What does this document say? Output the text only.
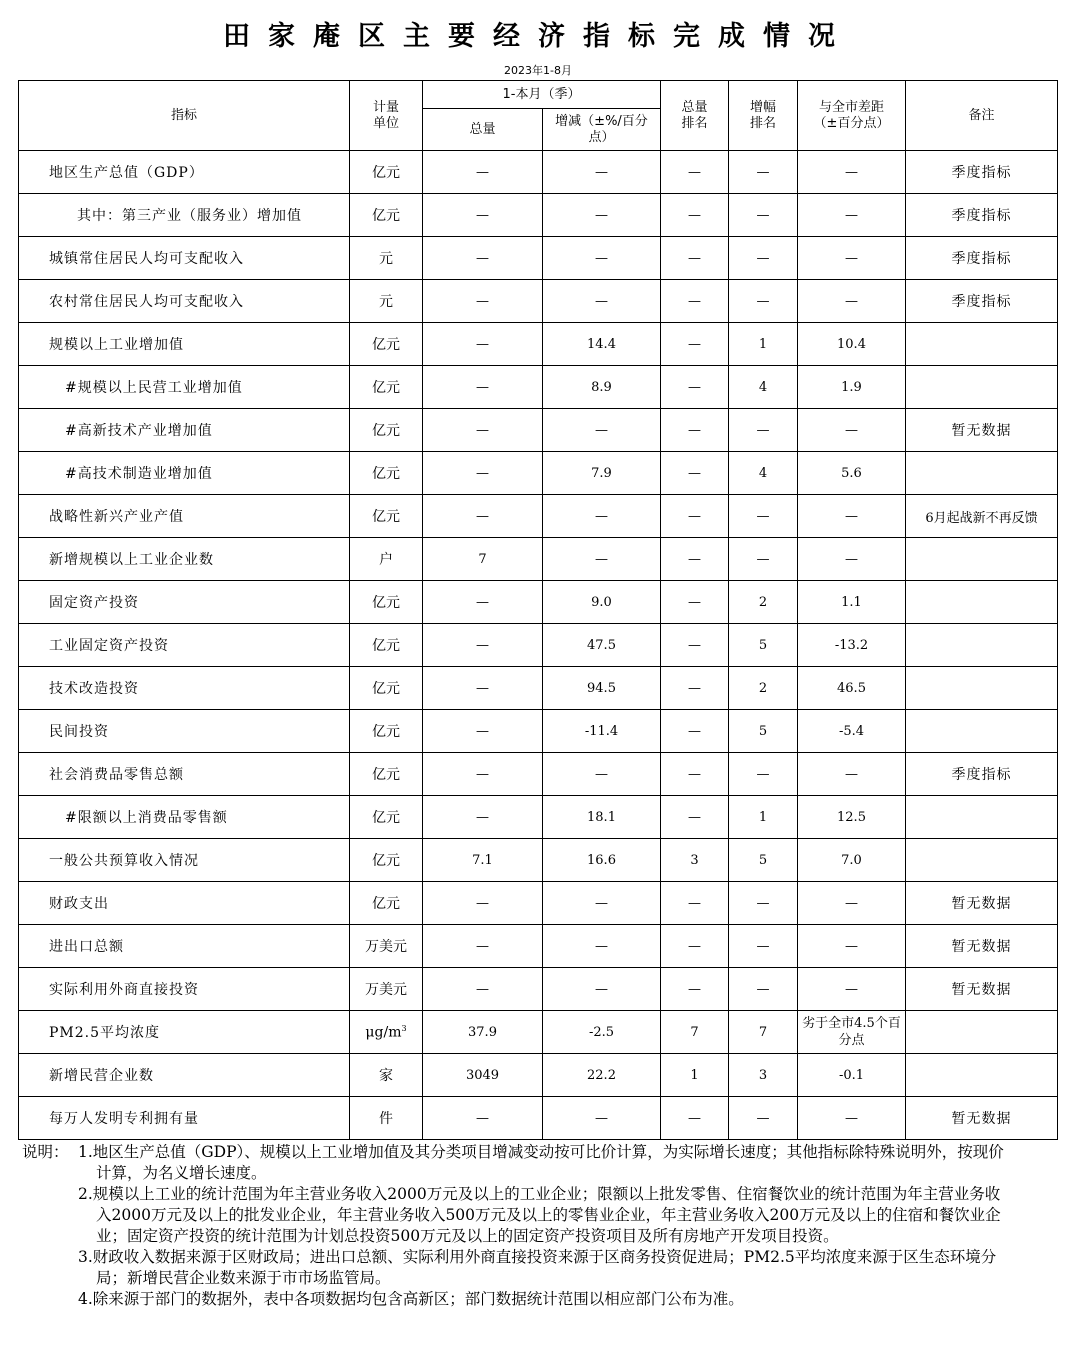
田家庵区主要经济指标完成情况
2023年1-8月
指标	计量单位	1-本月（季）		总量排名	增幅排名	与全市差距（±百分点）	备注
		总量	增减（±%/百分点）				
地区生产总值（GDP）	亿元	—	—	—	—	—	季度指标
其中：第三产业（服务业）增加值	亿元	—	—	—	—	—	季度指标
城镇常住居民人均可支配收入	元	—	—	—	—	—	季度指标
农村常住居民人均可支配收入	元	—	—	—	—	—	季度指标
规模以上工业增加值	亿元	—	14.4	—	1	10.4	
#规模以上民营工业增加值	亿元	—	8.9	—	4	1.9	
#高新技术产业增加值	亿元	—	—	—	—	—	暂无数据
#高技术制造业增加值	亿元	—	7.9	—	4	5.6	
战略性新兴产业产值	亿元	—	—	—	—	—	6月起战新不再反馈
新增规模以上工业企业数	户	7	—	—	—	—	
固定资产投资	亿元	—	9.0	—	2	1.1	
工业固定资产投资	亿元	—	47.5	—	5	-13.2	
技术改造投资	亿元	—	94.5	—	2	46.5	
民间投资	亿元	—	-11.4	—	5	-5.4	
社会消费品零售总额	亿元	—	—	—	—	—	季度指标
#限额以上消费品零售额	亿元	—	18.1	—	1	12.5	
一般公共预算收入情况	亿元	7.1	16.6	3	5	7.0	
财政支出	亿元	—	—	—	—	—	暂无数据
进出口总额	万美元	—	—	—	—	—	暂无数据
实际利用外商直接投资	万美元	—	—	—	—	—	暂无数据
PM2.5平均浓度	$\mu g/m^3$	37.9	-2.5	7	7	劣于全市4.5个百分点	
新增民营企业数	家	3049	22.2	1	3	-0.1	
每万人发明专利拥有量	件	—	—	—	—	—	暂无数据
说明： 1.地区生产总值（GDP）、规模以上工业增加值及其分类项目增减变动按可比价计算，为实际增长速度；其他指标除特殊说明外，按现价计算，为名义增长速度。
2.规模以上工业的统计范围为年主营业务收入2000万元及以上的工业企业；限额以上批发零售、住宿餐饮业的统计范围为年主营业务收入2000万元及以上的批发业企业，年主营业务收入500万元及以上的零售业企业，年主营业务收入200万元及以上的住宿和餐饮业企业；固定资产投资的统计范围为计划总投资500万元及以上的固定资产投资项目及所有房地产开发项目投资。
3.财政收入数据来源于区财政局；进出口总额、实际利用外商直接投资来源于区商务投资促进局；PM2.5平均浓度来源于区生态环境分局；新增民营企业数来源于市市场监管局。
4.除来源于部门的数据外，表中各项数据均包含高新区；部门数据统计范围以相应部门公布为准。
